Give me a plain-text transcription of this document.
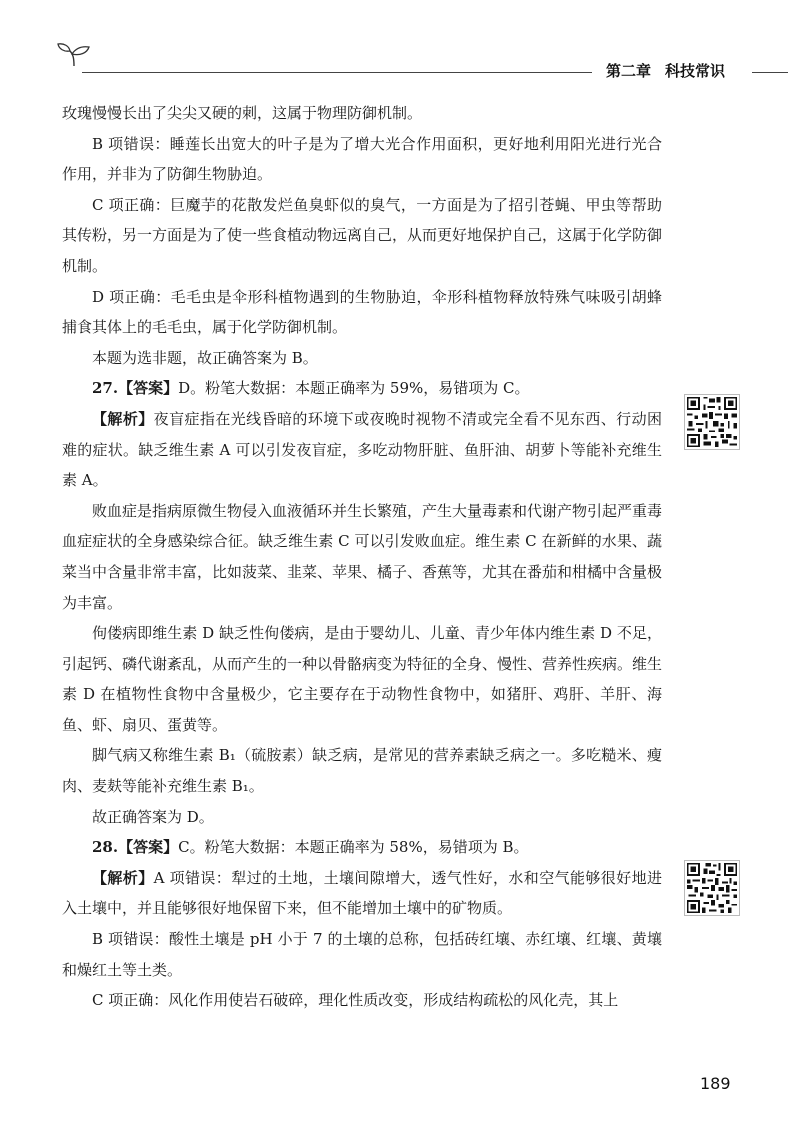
第二章 科技常识

玫瑰慢慢长出了尖尖又硬的刺，这属于物理防御机制。

B 项错误：睡莲长出宽大的叶子是为了增大光合作用面积，更好地利用阳光进行光合作用，并非为了防御生物胁迫。

C 项正确：巨魔芋的花散发烂鱼臭虾似的臭气，一方面是为了招引苍蝇、甲虫等帮助其传粉，另一方面是为了使一些食植动物远离自己，从而更好地保护自己，这属于化学防御机制。

D 项正确：毛毛虫是伞形科植物遇到的生物胁迫，伞形科植物释放特殊气味吸引胡蜂捕食其体上的毛毛虫，属于化学防御机制。

本题为选非题，故正确答案为 B。

27.【答案】D。粉笔大数据：本题正确率为 59%，易错项为 C。

【解析】夜盲症指在光线昏暗的环境下或夜晚时视物不清或完全看不见东西、行动困难的症状。缺乏维生素 A 可以引发夜盲症，多吃动物肝脏、鱼肝油、胡萝卜等能补充维生素 A。

败血症是指病原微生物侵入血液循环并生长繁殖，产生大量毒素和代谢产物引起严重毒血症症状的全身感染综合征。缺乏维生素 C 可以引发败血症。维生素 C 在新鲜的水果、蔬菜当中含量非常丰富，比如菠菜、韭菜、苹果、橘子、香蕉等，尤其在番茄和柑橘中含量极为丰富。

佝偻病即维生素 D 缺乏性佝偻病，是由于婴幼儿、儿童、青少年体内维生素 D 不足，引起钙、磷代谢紊乱，从而产生的一种以骨骼病变为特征的全身、慢性、营养性疾病。维生素 D 在植物性食物中含量极少，它主要存在于动物性食物中，如猪肝、鸡肝、羊肝、海鱼、虾、扇贝、蛋黄等。

脚气病又称维生素 B₁（硫胺素）缺乏病，是常见的营养素缺乏病之一。多吃糙米、瘦肉、麦麸等能补充维生素 B₁。

故正确答案为 D。

28.【答案】C。粉笔大数据：本题正确率为 58%，易错项为 B。

【解析】A 项错误：犁过的土地，土壤间隙增大，透气性好，水和空气能够很好地进入土壤中，并且能够很好地保留下来，但不能增加土壤中的矿物质。

B 项错误：酸性土壤是 pH 小于 7 的土壤的总称，包括砖红壤、赤红壤、红壤、黄壤和燥红土等土类。

C 项正确：风化作用使岩石破碎，理化性质改变，形成结构疏松的风化壳，其上

189
